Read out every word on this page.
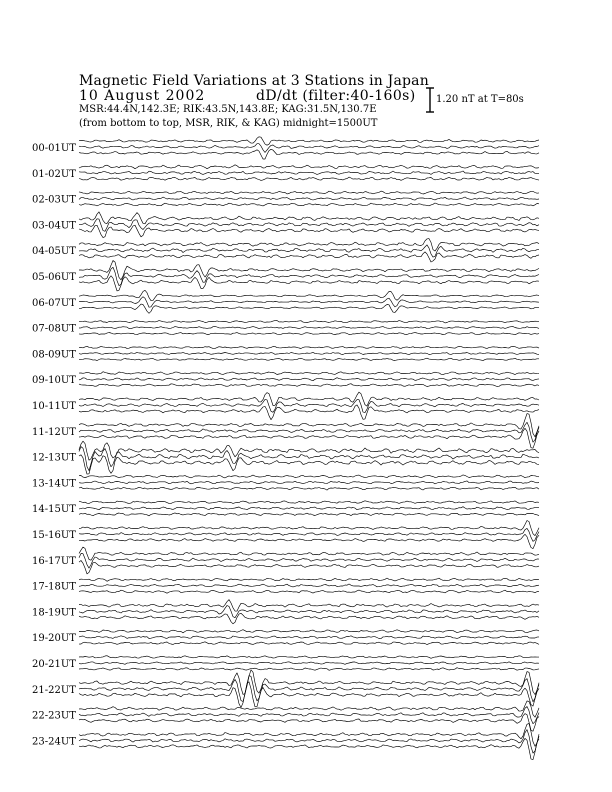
Magnetic Field Variations at 3 Stations in Japan
10 August 2002	dD/dt (filter:40-160s)
MSR:44.4N,142.3E; RIK:43.5N,143.8E; KAG:31.5N,130.7E
(from bottom to top, MSR, RIK, & KAG) midnight=1500UT
1.20 nT at T=80s
00-01UT
01-02UT
02-03UT
03-04UT
04-05UT
05-06UT
06-07UT
07-08UT
08-09UT
09-10UT
10-11UT
11-12UT
12-13UT
13-14UT
14-15UT
15-16UT
16-17UT
17-18UT
18-19UT
19-20UT
20-21UT
21-22UT
22-23UT
23-24UT
